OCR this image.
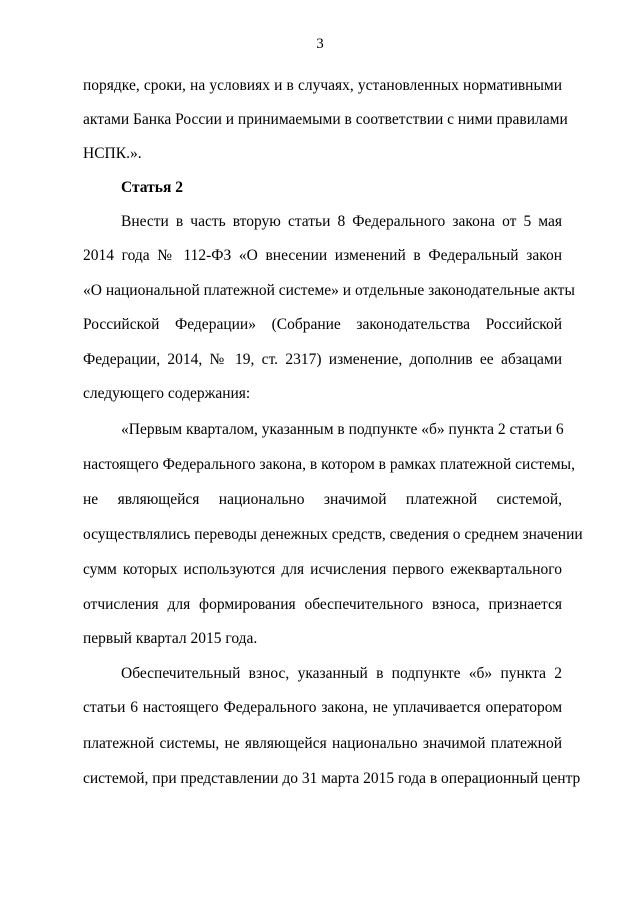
3
порядке, сроки, на условиях и в случаях, установленных нормативными
актами Банка России и принимаемыми в соответствии с ними правилами
НСПК.».
Статья 2
Внести в часть вторую статьи 8 Федерального закона от 5 мая
2014 года № 112-ФЗ «О внесении изменений в Федеральный закон
«О национальной платежной системе» и отдельные законодательные акты
Российской Федерации» (Собрание законодательства Российской
Федерации, 2014, № 19, ст. 2317) изменение, дополнив ее абзацами
следующего содержания:
«Первым кварталом, указанным в подпункте «б» пункта 2 статьи 6
настоящего Федерального закона, в котором в рамках платежной системы,
не являющейся национально значимой платежной системой,
осуществлялись переводы денежных средств, сведения о среднем значении
сумм которых используются для исчисления первого ежеквартального
отчисления для формирования обеспечительного взноса, признается
первый квартал 2015 года.
Обеспечительный взнос, указанный в подпункте «б» пункта 2
статьи 6 настоящего Федерального закона, не уплачивается оператором
платежной системы, не являющейся национально значимой платежной
системой, при представлении до 31 марта 2015 года в операционный центр
